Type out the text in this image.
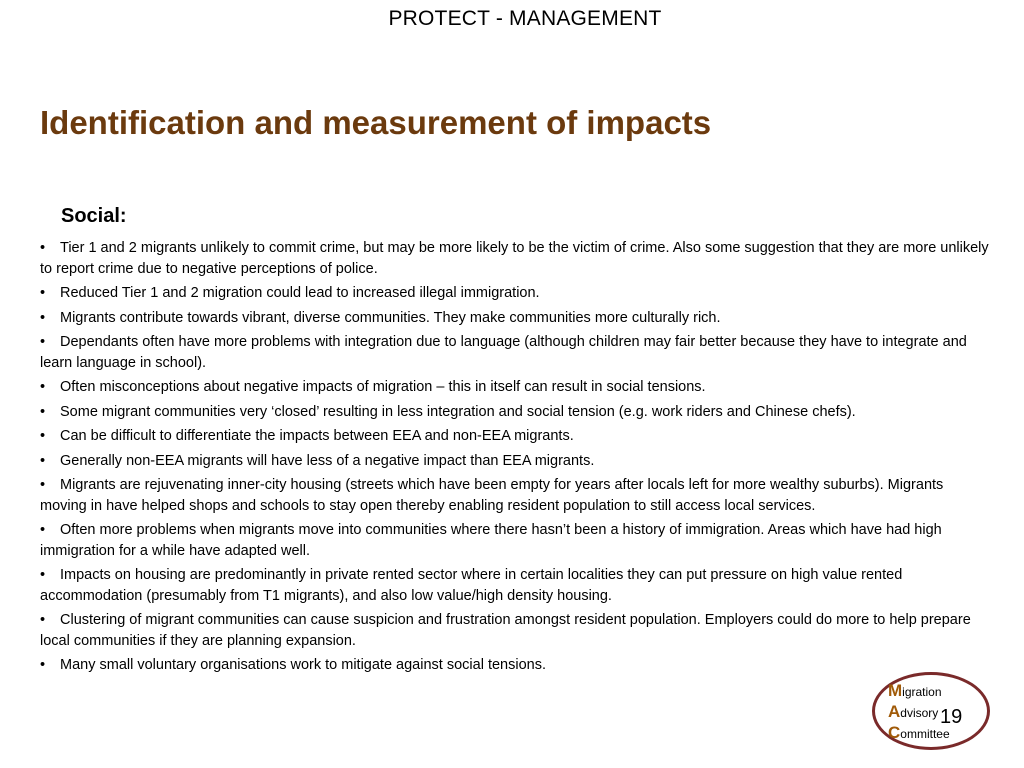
PROTECT - MANAGEMENT
Identification and measurement of impacts
Social:
• Tier 1 and 2 migrants unlikely to commit crime, but may be more likely to be the victim of crime. Also some suggestion that they are more unlikely to report crime due to negative perceptions of police.
• Reduced Tier 1 and 2 migration could lead to increased illegal immigration.
• Migrants contribute towards vibrant, diverse communities. They make communities more culturally rich.
• Dependants often have more problems with integration due to language (although children may fair better because they have to integrate and learn language in school).
• Often misconceptions about negative impacts of migration – this in itself can result in social tensions.
• Some migrant communities very ‘closed’ resulting in less integration and social tension (e.g. work riders and Chinese chefs).
• Can be difficult to differentiate the impacts between EEA and non-EEA migrants.
• Generally non-EEA migrants will have less of a negative impact than EEA migrants.
• Migrants are rejuvenating inner-city housing (streets which have been empty for years after locals left for more wealthy suburbs). Migrants moving in have helped shops and schools to stay open thereby enabling resident population to still access local services.
• Often more problems when migrants move into communities where there hasn’t been a history of immigration. Areas which have had high immigration for a while have adapted well.
• Impacts on housing are predominantly in private rented sector where in certain localities they can put pressure on high value rented accommodation (presumably from T1 migrants), and also low value/high density housing.
• Clustering of migrant communities can cause suspicion and frustration amongst resident population. Employers could do more to help prepare local communities if they are planning expansion.
• Many small voluntary organisations work to mitigate against social tensions.
Migration
Advisory
Committee
19
